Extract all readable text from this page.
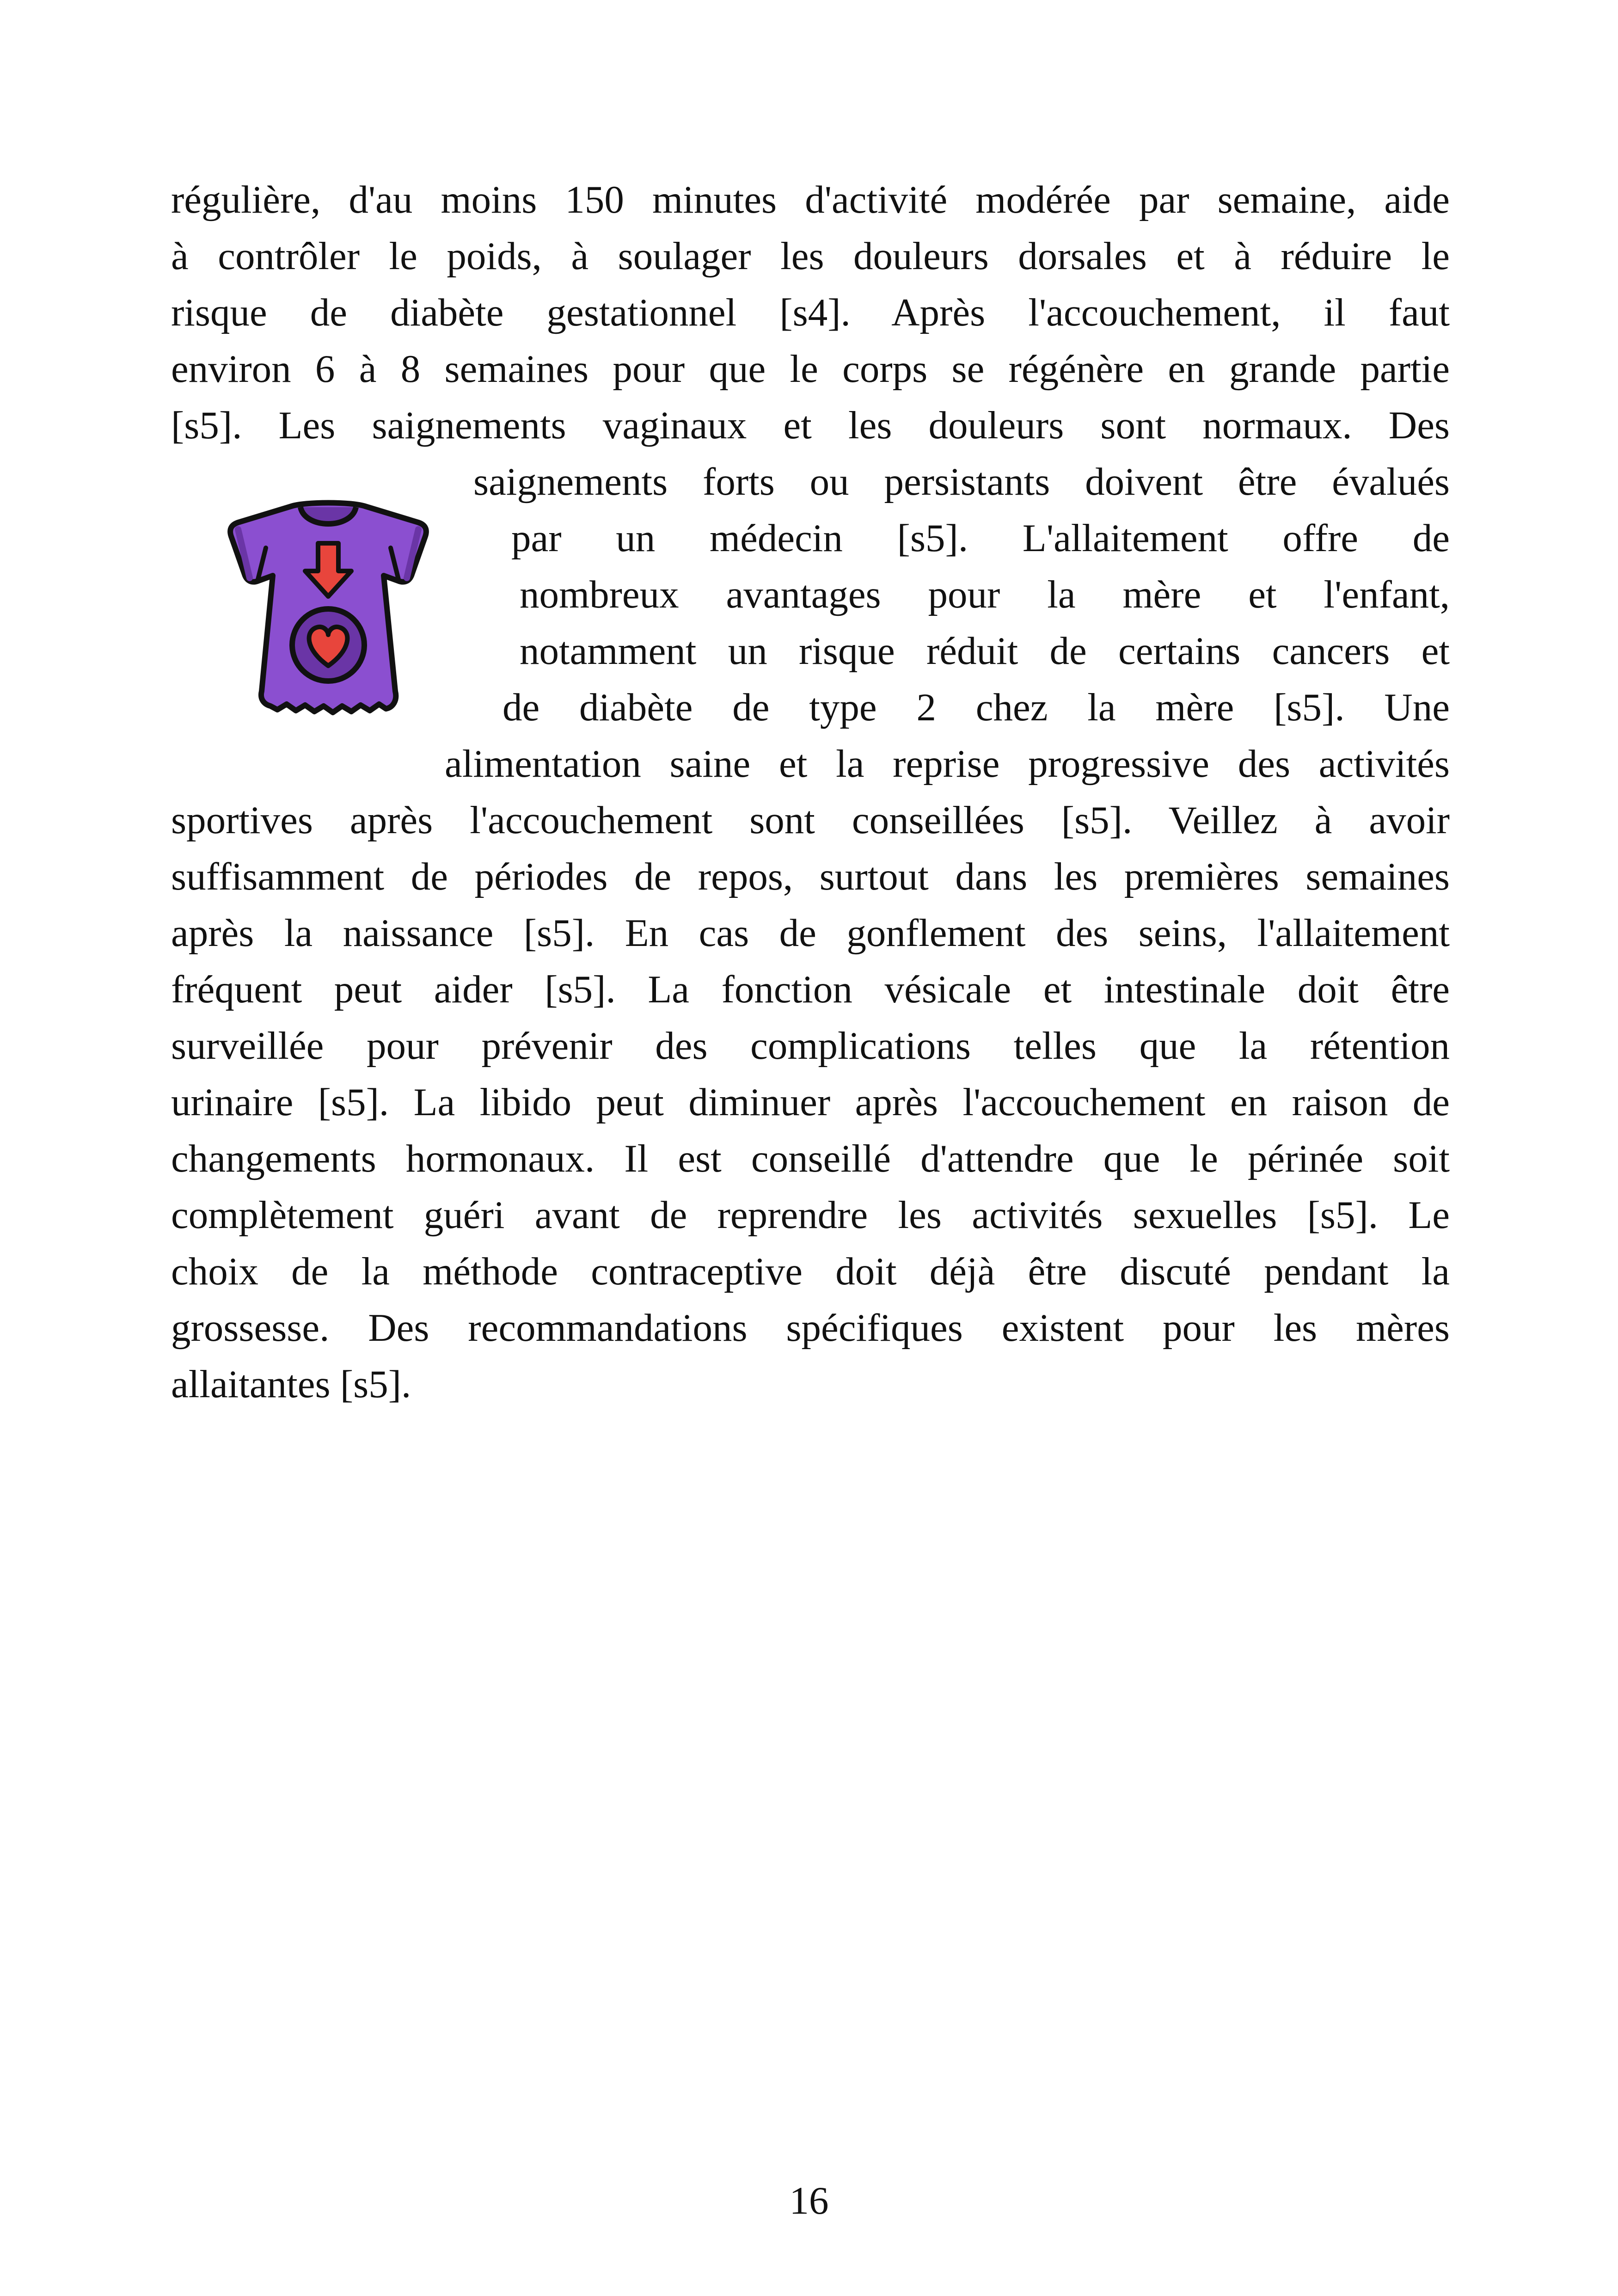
régulière, d'au moins 150 minutes d'activité modérée par semaine, aide
à contrôler le poids, à soulager les douleurs dorsales et à réduire le
risque de diabète gestationnel [s4]. Après l'accouchement, il faut
environ 6 à 8 semaines pour que le corps se régénère en grande partie
[s5]. Les saignements vaginaux et les douleurs sont normaux. Des
saignements forts ou persistants doivent être évalués
par un médecin [s5]. L'allaitement offre de
nombreux avantages pour la mère et l'enfant,
notamment un risque réduit de certains cancers et
de diabète de type 2 chez la mère [s5]. Une
alimentation saine et la reprise progressive des activités
sportives après l'accouchement sont conseillées [s5]. Veillez à avoir
suffisamment de périodes de repos, surtout dans les premières semaines
après la naissance [s5]. En cas de gonflement des seins, l'allaitement
fréquent peut aider [s5]. La fonction vésicale et intestinale doit être
surveillée pour prévenir des complications telles que la rétention
urinaire [s5]. La libido peut diminuer après l'accouchement en raison de
changements hormonaux. Il est conseillé d'attendre que le périnée soit
complètement guéri avant de reprendre les activités sexuelles [s5]. Le
choix de la méthode contraceptive doit déjà être discuté pendant la
grossesse. Des recommandations spécifiques existent pour les mères
allaitantes [s5].
16
